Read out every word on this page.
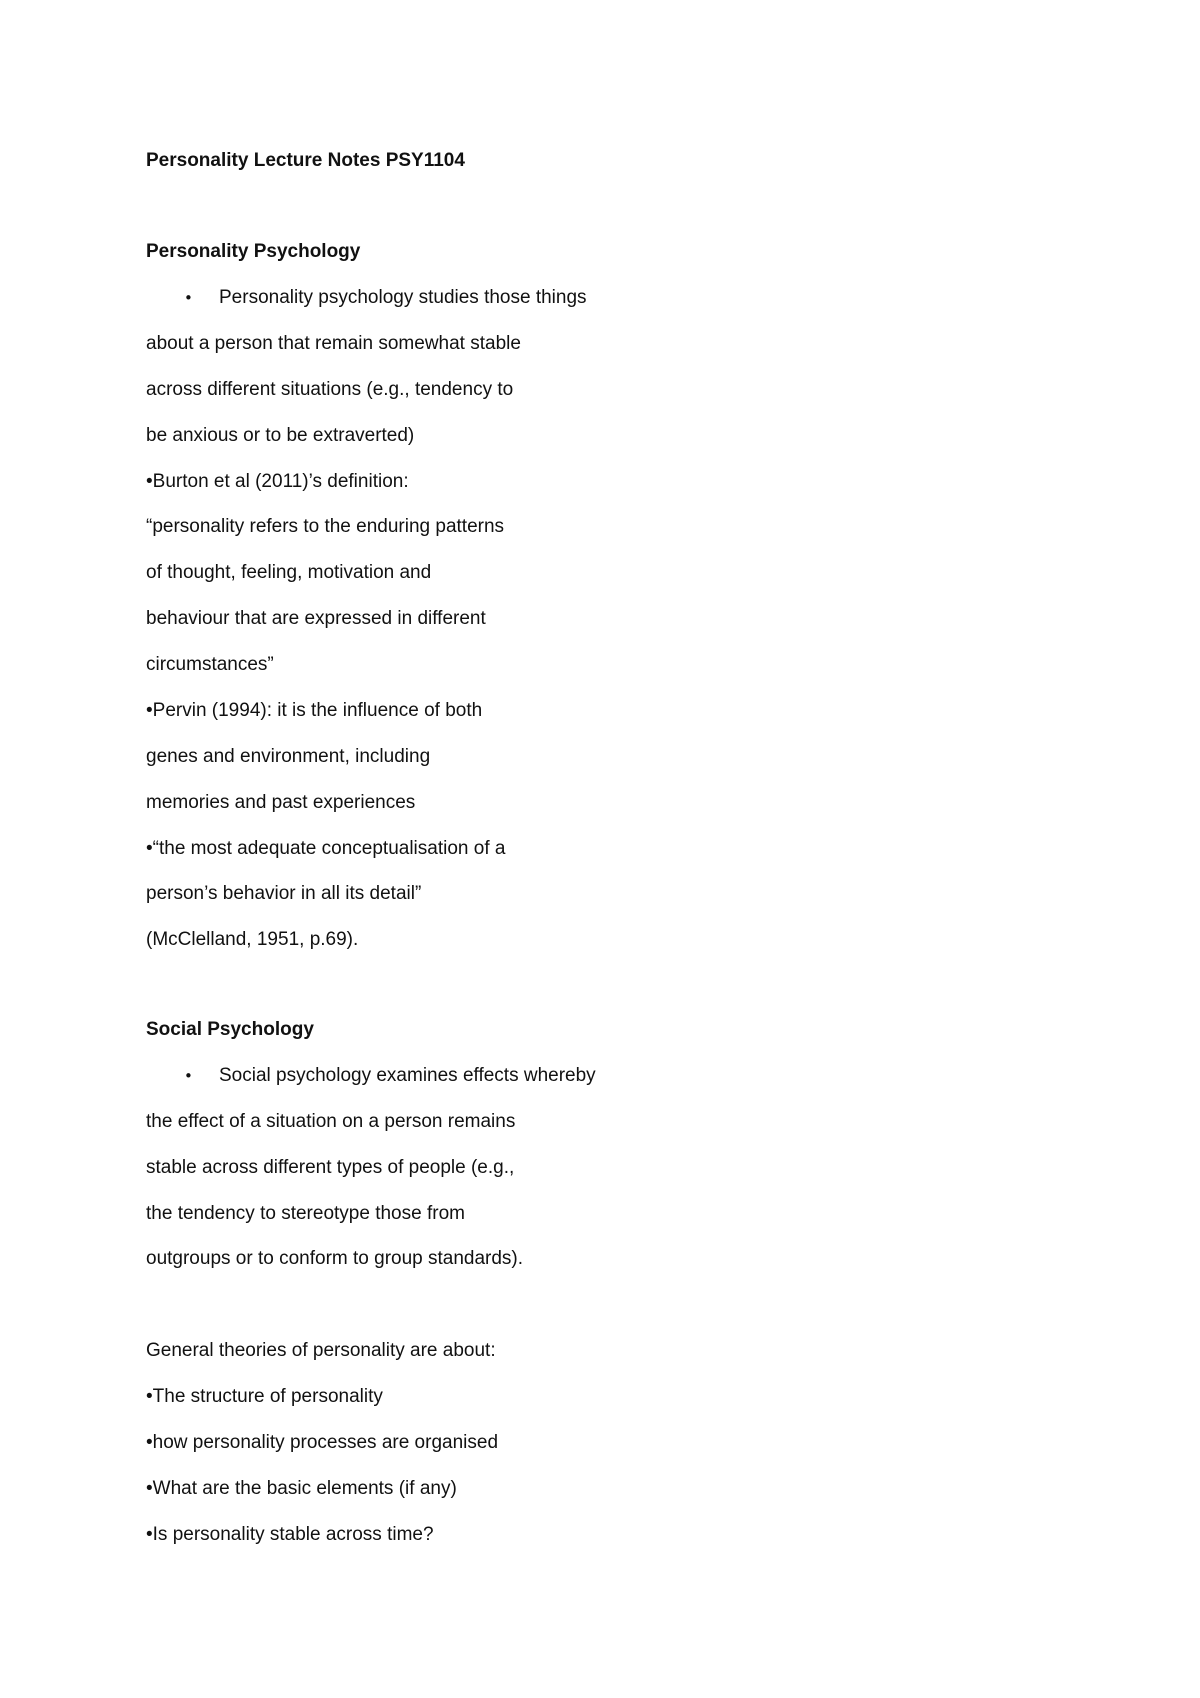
Personality Lecture Notes PSY1104
Personality Psychology
• Personality psychology studies those things
about a person that remain somewhat stable
across different situations (e.g., tendency to
be anxious or to be extraverted)
•Burton et al (2011)’s definition:
“personality refers to the enduring patterns
of thought, feeling, motivation and
behaviour that are expressed in different
circumstances”
•Pervin (1994): it is the influence of both
genes and environment, including
memories and past experiences
•“the most adequate conceptualisation of a
person’s behavior in all its detail”
(McClelland, 1951, p.69).
Social Psychology
• Social psychology examines effects whereby
the effect of a situation on a person remains
stable across different types of people (e.g.,
the tendency to stereotype those from
outgroups or to conform to group standards).
General theories of personality are about:
•The structure of personality
•how personality processes are organised
•What are the basic elements (if any)
•Is personality stable across time?
